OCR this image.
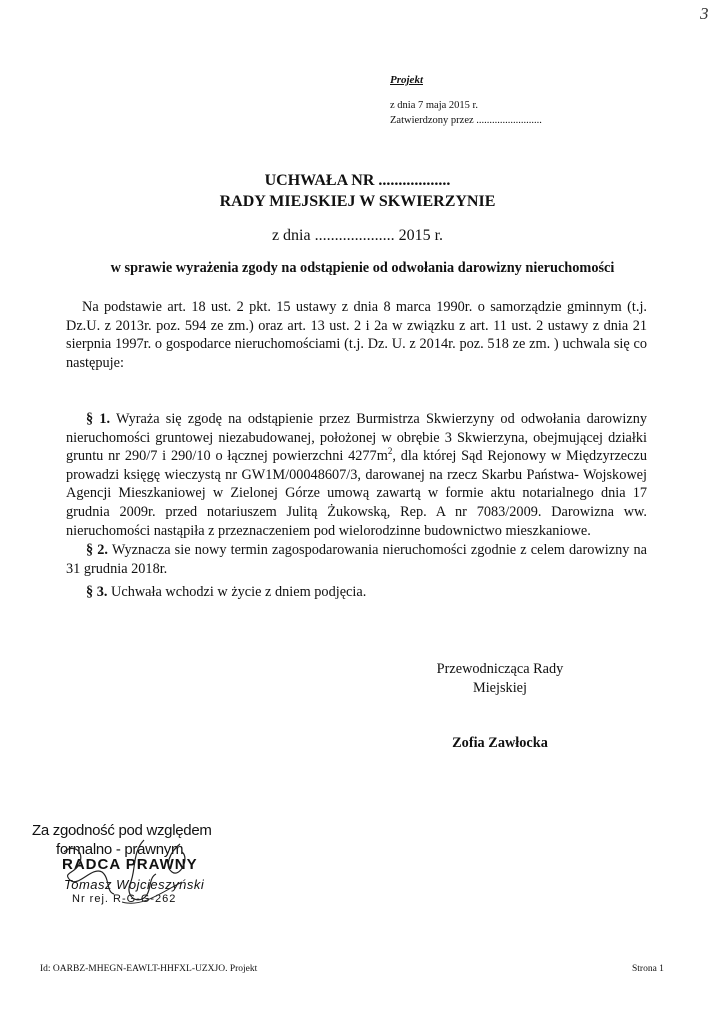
3
Projekt
z dnia 7 maja 2015 r.
Zatwierdzony przez .........................
UCHWAŁA NR ..................
RADY MIEJSKIEJ W SKWIERZYNIE
z dnia .................... 2015 r.
w sprawie wyrażenia zgody na odstąpienie od odwołania darowizny nieruchomości
Na podstawie art. 18 ust. 2 pkt. 15 ustawy z dnia 8 marca 1990r. o samorządzie gminnym (t.j. Dz.U. z 2013r. poz. 594 ze zm.) oraz art. 13 ust. 2 i 2a w związku z art. 11 ust. 2 ustawy z dnia 21 sierpnia 1997r. o gospodarce nieruchomościami (t.j. Dz. U. z 2014r. poz. 518 ze zm. ) uchwala się co następuje:
§ 1. Wyraża się zgodę na odstąpienie przez Burmistrza Skwierzyny od odwołania darowizny nieruchomości gruntowej niezabudowanej, położonej w obrębie 3 Skwierzyna, obejmującej działki gruntu nr 290/7 i 290/10 o łącznej powierzchni $4277m^2$, dla której Sąd Rejonowy w Międzyrzeczu prowadzi księgę wieczystą nr GW1M/00048607/3, darowanej na rzecz Skarbu Państwa- Wojskowej Agencji Mieszkaniowej w Zielonej Górze umową zawartą w formie aktu notarialnego dnia 17 grudnia 2009r. przed notariuszem Julitą Żukowską, Rep. A nr 7083/2009. Darowizna ww. nieruchomości nastąpiła z przeznaczeniem pod wielorodzinne budownictwo mieszkaniowe.
§ 2. Wyznacza sie nowy termin zagospodarowania nieruchomości zgodnie z celem darowizny na 31 grudnia 2018r.
§ 3. Uchwała wchodzi w życie z dniem podjęcia.
Przewodnicząca Rady
Miejskiej
Zofia Zawłocka
Za zgodność pod względem
formalno - prawnym
RADCA PRAWNY
Tomasz Wojcieszyński
Nr rej. R-G-G-262
Id: OARBZ-MHEGN-EAWLT-HHFXL-UZXJO. Projekt	Strona 1
